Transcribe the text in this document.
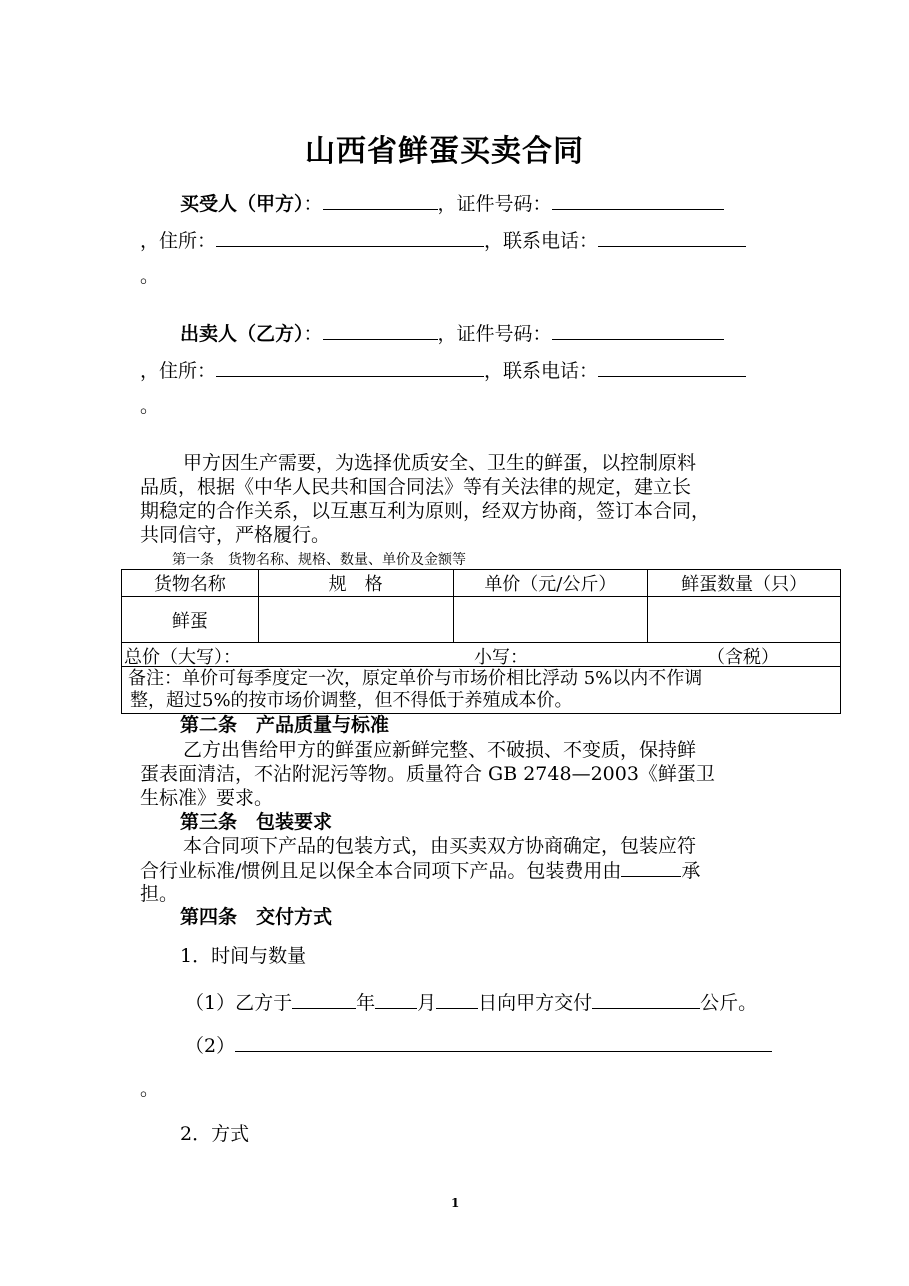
山西省鲜蛋买卖合同
买受人（甲方）：	，证件号码：
，住所：	，联系电话：
。
出卖人（乙方）：	，证件号码：
，住所：	，联系电话：
。
甲方因生产需要，为选择优质安全、卫生的鲜蛋，以控制原料
品质，根据《中华人民共和国合同法》等有关法律的规定，建立长
期稳定的合作关系，以互惠互利为原则，经双方协商，签订本合同，
共同信守，严格履行。
第一条　货物名称、规格、数量、单价及金额等
货物名称	规　格	单价（元/公斤）	鲜蛋数量（只）
鲜蛋			

总价（大写）： 小写： （含税）			

备注：单价可每季度定一次，原定单价与市场价相比浮动 5%以内不作调
整，超过5%的按市场价调整，但不得低于养殖成本价。			
第二条　产品质量与标准
乙方出售给甲方的鲜蛋应新鲜完整、不破损、不变质，保持鲜
蛋表面清洁，不沾附泥污等物。质量符合 GB 2748—2003《鲜蛋卫
生标准》要求。
第三条　包装要求
本合同项下产品的包装方式，由买卖双方协商确定，包装应符
合行业标准/惯例且足以保全本合同项下产品。包装费用由	承
担。
第四条　交付方式
1．时间与数量
（1）乙方于	年 月 日向甲方交付	公斤。
（2）
。
2．方式
1
